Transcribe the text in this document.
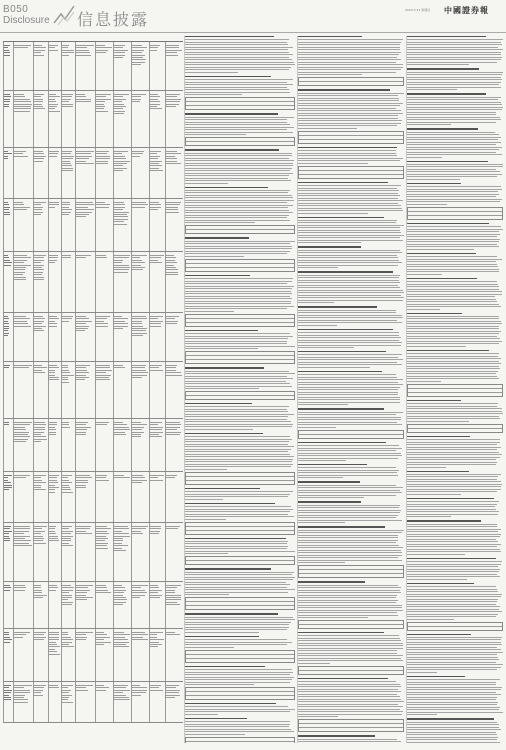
B050
Disclosure 信息披露	2023.3.23 星期四 中國證券報
